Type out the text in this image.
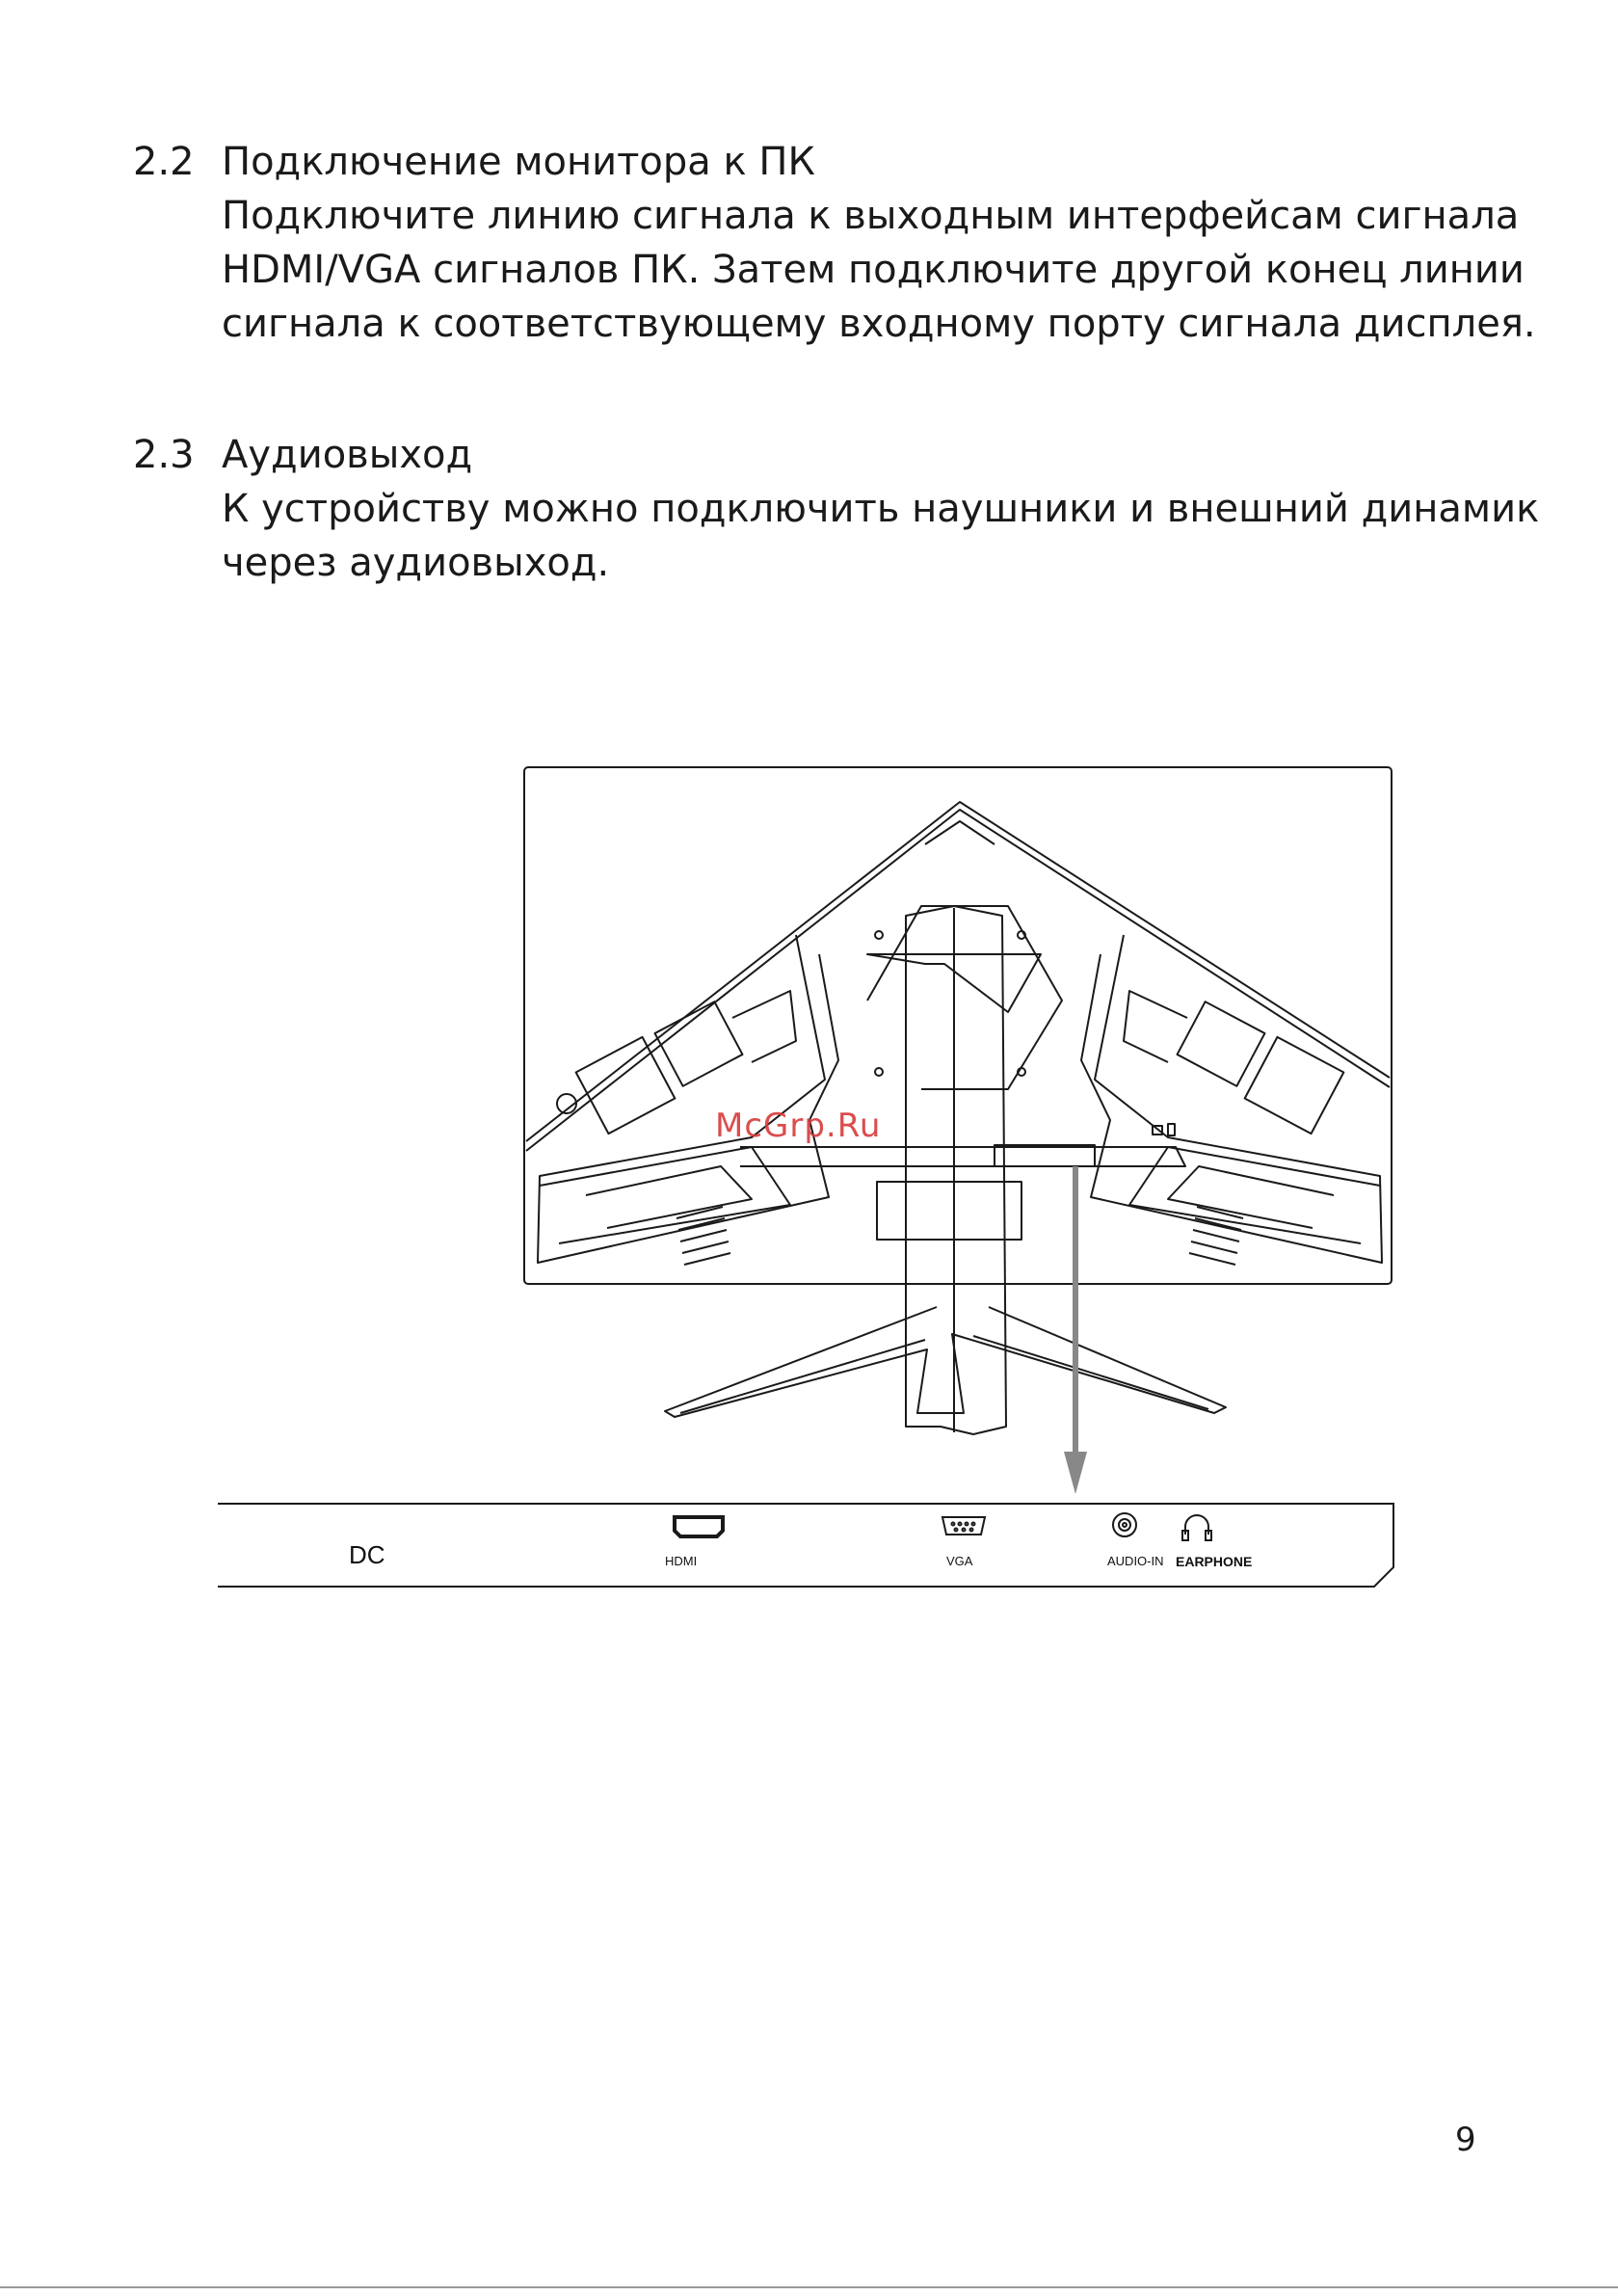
2.2 Подключение монитора к ПК
Подключите линию сигнала к выходным интерфейсам сигнала
HDMI/VGA сигналов ПК. Затем подключите другой конец линии
сигнала к соответствующему входному порту сигнала дисплея.
2.3 Аудиовыход
К устройству можно подключить наушники и внешний динамик
через аудиовыход.
McGrp.Ru
DC	HDMI	VGA	AUDIO-IN EARPHONE
9
